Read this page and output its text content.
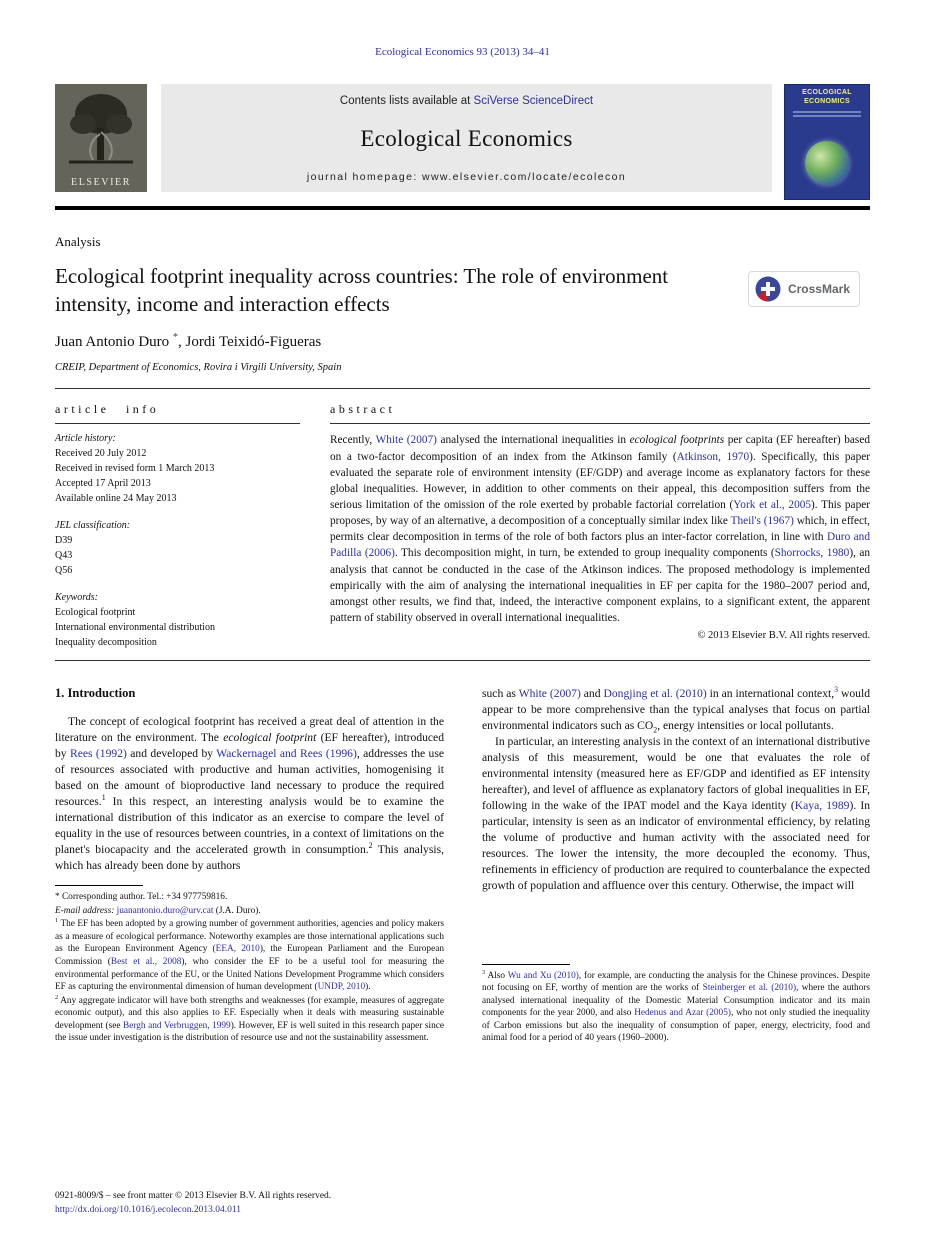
Ecological Economics 93 (2013) 34–41
ELSEVIER
Contents lists available at SciVerse ScienceDirect
Ecological Economics
journal homepage: www.elsevier.com/locate/ecolecon
ECOLOGICAL ECONOMICS
Analysis
Ecological footprint inequality across countries: The role of environment intensity, income and interaction effects
CrossMark
Juan Antonio Duro *, Jordi Teixidó-Figueras
CREIP, Department of Economics, Rovira i Virgili University, Spain
article info
Article history:
Received 20 July 2012
Received in revised form 1 March 2013
Accepted 17 April 2013
Available online 24 May 2013
JEL classification:
D39
Q43
Q56
Keywords:
Ecological footprint
International environmental distribution
Inequality decomposition
abstract

Recently, White (2007) analysed the international inequalities in ecological footprints per capita (EF hereafter) based on a two-factor decomposition of an index from the Atkinson family (Atkinson, 1970). Specifically, this paper evaluated the separate role of environment intensity (EF/GDP) and average income as explanatory factors for these global inequalities. However, in addition to other comments on their appeal, this decomposition suffers from the serious limitation of the omission of the role exerted by probable factorial correlation (York et al., 2005). This paper proposes, by way of an alternative, a decomposition of a conceptually similar index like Theil's (1967) which, in effect, permits clear decomposition in terms of the role of both factors plus an inter-factor correlation, in line with Duro and Padilla (2006). This decomposition might, in turn, be extended to group inequality components (Shorrocks, 1980), an analysis that cannot be conducted in the case of the Atkinson indices. The proposed methodology is implemented empirically with the aim of analysing the international inequalities in EF per capita for the 1980–2007 period and, amongst other results, we find that, indeed, the interactive component explains, to a significant extent, the apparent pattern of stability observed in overall international inequalities.

© 2013 Elsevier B.V. All rights reserved.
1. Introduction

The concept of ecological footprint has received a great deal of attention in the literature on the environment. The ecological footprint (EF hereafter), introduced by Rees (1992) and developed by Wackernagel and Rees (1996), addresses the use of resources associated with productive and human activities, homogenising it based on the amount of bioproductive land necessary to produce the required resources.$^1$ In this respect, an interesting analysis would be to examine the international distribution of this indicator as an exercise to compare the level of equality in the use of resources between countries, in a context of limitations on the planet's biocapacity and the accelerated growth in consumption.$^2$ This analysis, which has already been done by authors

* Corresponding author. Tel.: +34 977759816.

E-mail address: juanantonio.duro@urv.cat (J.A. Duro).

$^1$ The EF has been adopted by a growing number of government authorities, agencies and policy makers as a measure of ecological performance. Noteworthy examples are those international applications such as the European Environment Agency (EEA, 2010), the European Parliament and the European Commission (Best et al., 2008), who consider the EF to be a useful tool for measuring the environmental performance of the EU, or the United Nations Development Programme which considers EF as capturing the environmental dimension of human development (UNDP, 2010).

$^2$ Any aggregate indicator will have both strengths and weaknesses (for example, measures of aggregate economic output), and this also applies to EF. Especially when it deals with measuring sustainable development (see Bergh and Verbruggen, 1999). However, EF is well suited in this research paper since the issue under investigation is the distribution of resource use and not the sustainability assessment.

such as White (2007) and Dongjing et al. (2010) in an international context,$^3$ would appear to be more comprehensive than the typical analyses that focus on partial environmental indicators such as $CO_2$, energy intensities or local pollutants.

In particular, an interesting analysis in the context of an international distributive analysis of this measurement, would be one that evaluates the role of environmental intensity (measured here as EF/GDP and identified as EF intensity hereafter), and level of affluence as explanatory factors of global inequalities in EF, following in the wake of the IPAT model and the Kaya identity (Kaya, 1989). In particular, intensity is seen as an indicator of environmental efficiency, by relating the volume of productive and human activity with the associated need for resources. The lower the intensity, the more decoupled the economy. Thus, refinements in efficiency of production are required to counterbalance the expected growth of population and affluence over this century. Otherwise, the impact will

$^3$ Also Wu and Xu (2010), for example, are conducting the analysis for the Chinese provinces. Despite not focusing on EF, worthy of mention are the works of Steinberger et al. (2010), where the authors analysed international inequality of the Domestic Material Consumption indicator and its main components for the year 2000, and also Hedenus and Azar (2005), who not only studied the inequality of Carbon emissions but also the inequality of consumption of paper, energy, electricity, food and animal food for a period of 40 years (1960–2000).

0921-8009/$ – see front matter © 2013 Elsevier B.V. All rights reserved.
http://dx.doi.org/10.1016/j.ecolecon.2013.04.011
